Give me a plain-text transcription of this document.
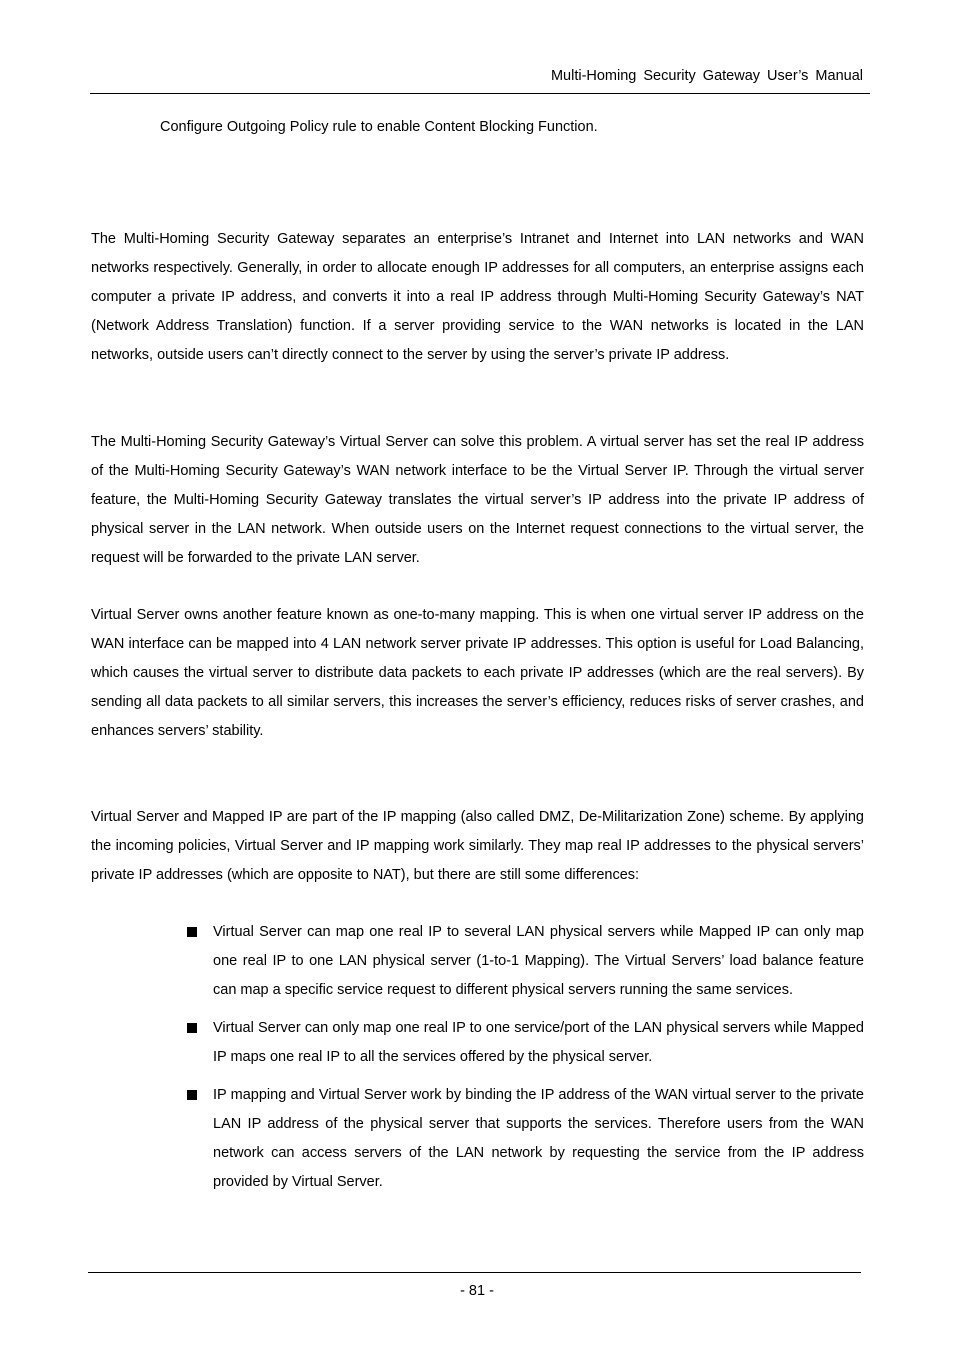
Multi-Homing Security Gateway User’s Manual
Configure Outgoing Policy rule to enable Content Blocking Function.

The Multi-Homing Security Gateway separates an enterprise’s Intranet and Internet into LAN networks and WAN networks respectively. Generally, in order to allocate enough IP addresses for all computers, an enterprise assigns each computer a private IP address, and converts it into a real IP address through Multi-Homing Security Gateway’s NAT (Network Address Translation) function. If a server providing service to the WAN networks is located in the LAN networks, outside users can’t directly connect to the server by using the server’s private IP address.

The Multi-Homing Security Gateway’s Virtual Server can solve this problem. A virtual server has set the real IP address of the Multi-Homing Security Gateway’s WAN network interface to be the Virtual Server IP. Through the virtual server feature, the Multi-Homing Security Gateway translates the virtual server’s IP address into the private IP address of physical server in the LAN network. When outside users on the Internet request connections to the virtual server, the request will be forwarded to the private LAN server.

Virtual Server owns another feature known as one-to-many mapping. This is when one virtual server IP address on the WAN interface can be mapped into 4 LAN network server private IP addresses. This option is useful for Load Balancing, which causes the virtual server to distribute data packets to each private IP addresses (which are the real servers). By sending all data packets to all similar servers, this increases the server’s efficiency, reduces risks of server crashes, and enhances servers’ stability.

Virtual Server and Mapped IP are part of the IP mapping (also called DMZ, De-Militarization Zone) scheme. By applying the incoming policies, Virtual Server and IP mapping work similarly. They map real IP addresses to the physical servers’ private IP addresses (which are opposite to NAT), but there are still some differences:

Virtual Server can map one real IP to several LAN physical servers while Mapped IP can only map one real IP to one LAN physical server (1-to-1 Mapping). The Virtual Servers’ load balance feature can map a specific service request to different physical servers running the same services.
Virtual Server can only map one real IP to one service/port of the LAN physical servers while Mapped IP maps one real IP to all the services offered by the physical server.
IP mapping and Virtual Server work by binding the IP address of the WAN virtual server to the private LAN IP address of the physical server that supports the services. Therefore users from the WAN network can access servers of the LAN network by requesting the service from the IP address provided by Virtual Server.
- 81 -
